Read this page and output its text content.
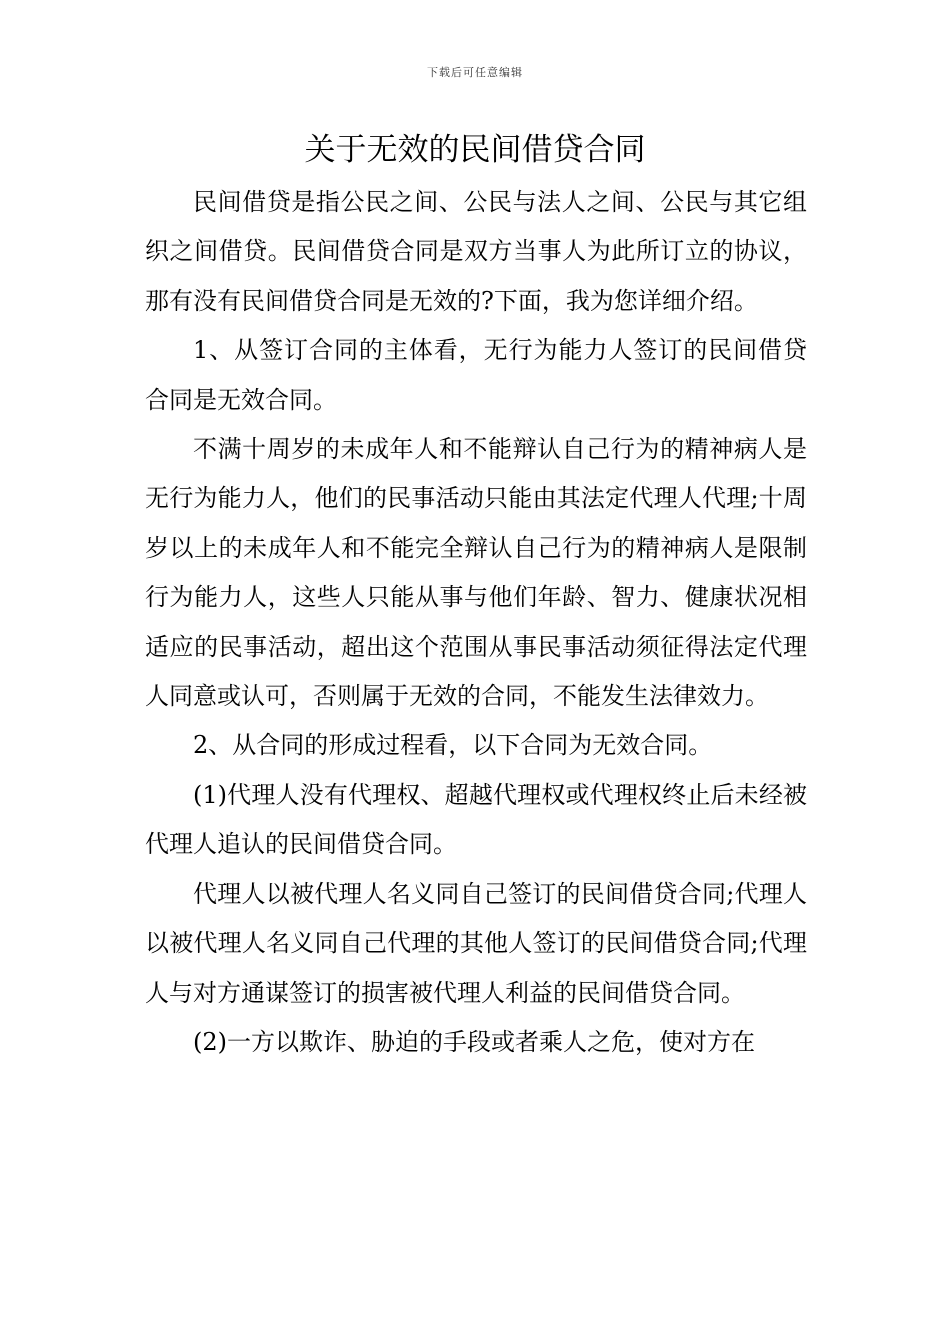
下载后可任意编辑
关于无效的民间借贷合同

民间借贷是指公民之间、公民与法人之间、公民与其它组织之间借贷。民间借贷合同是双方当事人为此所订立的协议，那有没有民间借贷合同是无效的?下面，我为您详细介绍。

1、从签订合同的主体看，无行为能力人签订的民间借贷合同是无效合同。

不满十周岁的未成年人和不能辩认自己行为的精神病人是无行为能力人，他们的民事活动只能由其法定代理人代理;十周岁以上的未成年人和不能完全辩认自己行为的精神病人是限制行为能力人，这些人只能从事与他们年龄、智力、健康状况相适应的民事活动，超出这个范围从事民事活动须征得法定代理人同意或认可，否则属于无效的合同，不能发生法律效力。

2、从合同的形成过程看，以下合同为无效合同。

(1)代理人没有代理权、超越代理权或代理权终止后未经被代理人追认的民间借贷合同。

代理人以被代理人名义同自己签订的民间借贷合同;代理人以被代理人名义同自己代理的其他人签订的民间借贷合同;代理人与对方通谋签订的损害被代理人利益的民间借贷合同。

(2)一方以欺诈、胁迫的手段或者乘人之危，使对方在
